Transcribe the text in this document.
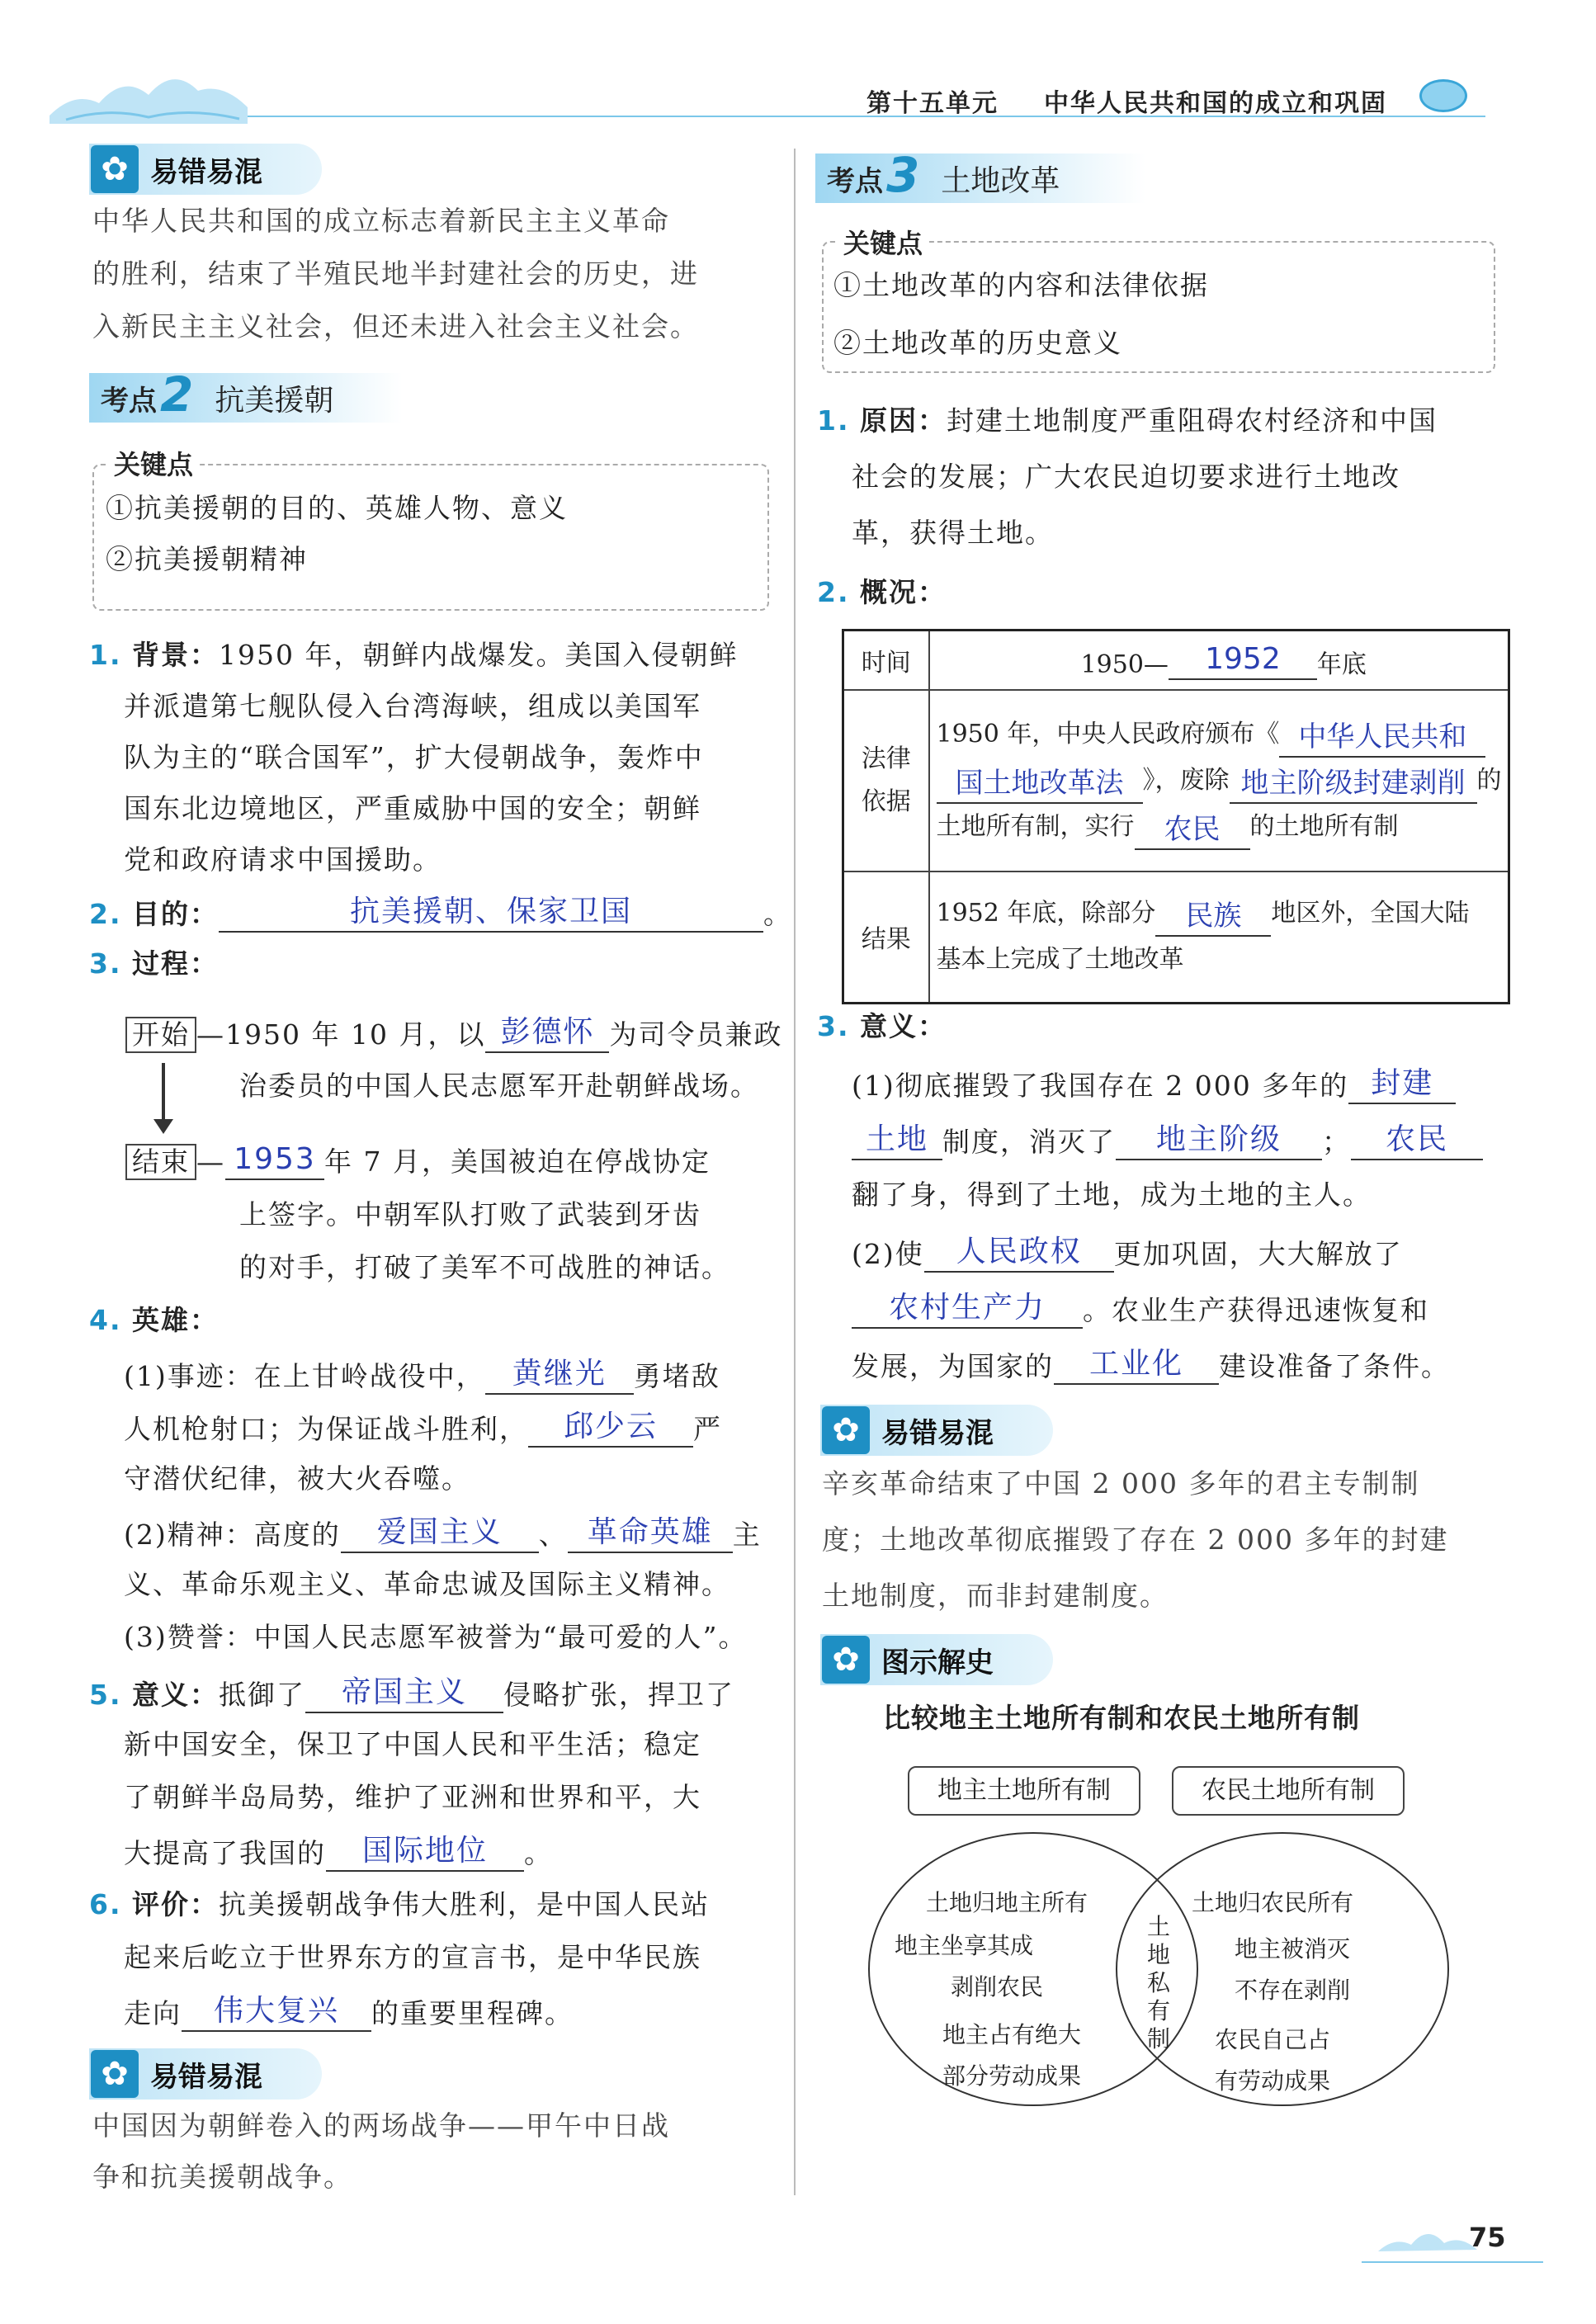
第十五单元 中华人民共和国的成立和巩固
✿ 易错易混
中华人民共和国的成立标志着新民主主义革命
的胜利，结束了半殖民地半封建社会的历史，进
入新民主主义社会，但还未进入社会主义社会。
考点 2 抗美援朝
关键点
①抗美援朝的目的、英雄人物、意义
②抗美援朝精神
1. 背景：1950 年，朝鲜内战爆发。美国入侵朝鲜
并派遣第七舰队侵入台湾海峡，组成以美国军
队为主的“联合国军”，扩大侵朝战争，轰炸中
国东北边境地区，严重威胁中国的安全；朝鲜
党和政府请求中国援助。
2. 目的：	抗美援朝、保家卫国	。
3. 过程：
开始 —1950 年 10 月，以 彭德怀 为司令员兼政
治委员的中国人民志愿军开赴朝鲜战场。
结束 — 1953 年 7 月，美国被迫在停战协定
上签字。中朝军队打败了武装到牙齿
的对手，打破了美军不可战胜的神话。
4. 英雄：
(1)事迹：在上甘岭战役中， 黄继光 勇堵敌
人机枪射口；为保证战斗胜利， 邱少云 严
守潜伏纪律，被大火吞噬。
(2)精神：高度的 爱国主义 、 革命英雄 主
义、革命乐观主义、革命忠诚及国际主义精神。
(3)赞誉：中国人民志愿军被誉为“最可爱的人”。
5. 意义：抵御了 帝国主义 侵略扩张，捍卫了
新中国安全，保卫了中国人民和平生活；稳定
了朝鲜半岛局势，维护了亚洲和世界和平，大
大提高了我国的 国际地位 。
6. 评价：抗美援朝战争伟大胜利，是中国人民站
起来后屹立于世界东方的宣言书，是中华民族
走向 伟大复兴 的重要里程碑。
✿ 易错易混
中国因为朝鲜卷入的两场战争——甲午中日战
争和抗美援朝战争。
考点 3 土地改革
关键点
①土地改革的内容和法律依据
②土地改革的历史意义
1. 原因：封建土地制度严重阻碍农村经济和中国
社会的发展；广大农民迫切要求进行土地改
革，获得土地。
2. 概况：
时间	1950— 1952 年底
法律
依据	1950 年，中央人民政府颁布《 中华人民共和
国土地改革法 》，废除 地主阶级封建剥削 的
土地所有制，实行 农民 的土地所有制
结果	1952 年底，除部分 民族 地区外，全国大陆
基本上完成了土地改革
3. 意义：
(1)彻底摧毁了我国存在 2 000 多年的 封建
土地 制度，消灭了 地主阶级 ； 农民
翻了身，得到了土地，成为土地的主人。
(2)使 人民政权 更加巩固，大大解放了
农村生产力 。农业生产获得迅速恢复和
发展，为国家的 工业化 建设准备了条件。
✿ 易错易混
辛亥革命结束了中国 2 000 多年的君主专制制
度；土地改革彻底摧毁了存在 2 000 多年的封建
土地制度，而非封建制度。
✿ 图示解史
比较地主土地所有制和农民土地所有制
地主土地所有制	农民土地所有制
土地归地主所有
地主坐享其成
剥削农民
地主占有绝大
部分劳动成果
土地私有制
土地归农民所有
地主被消灭
不存在剥削
农民自己占
有劳动成果
75
